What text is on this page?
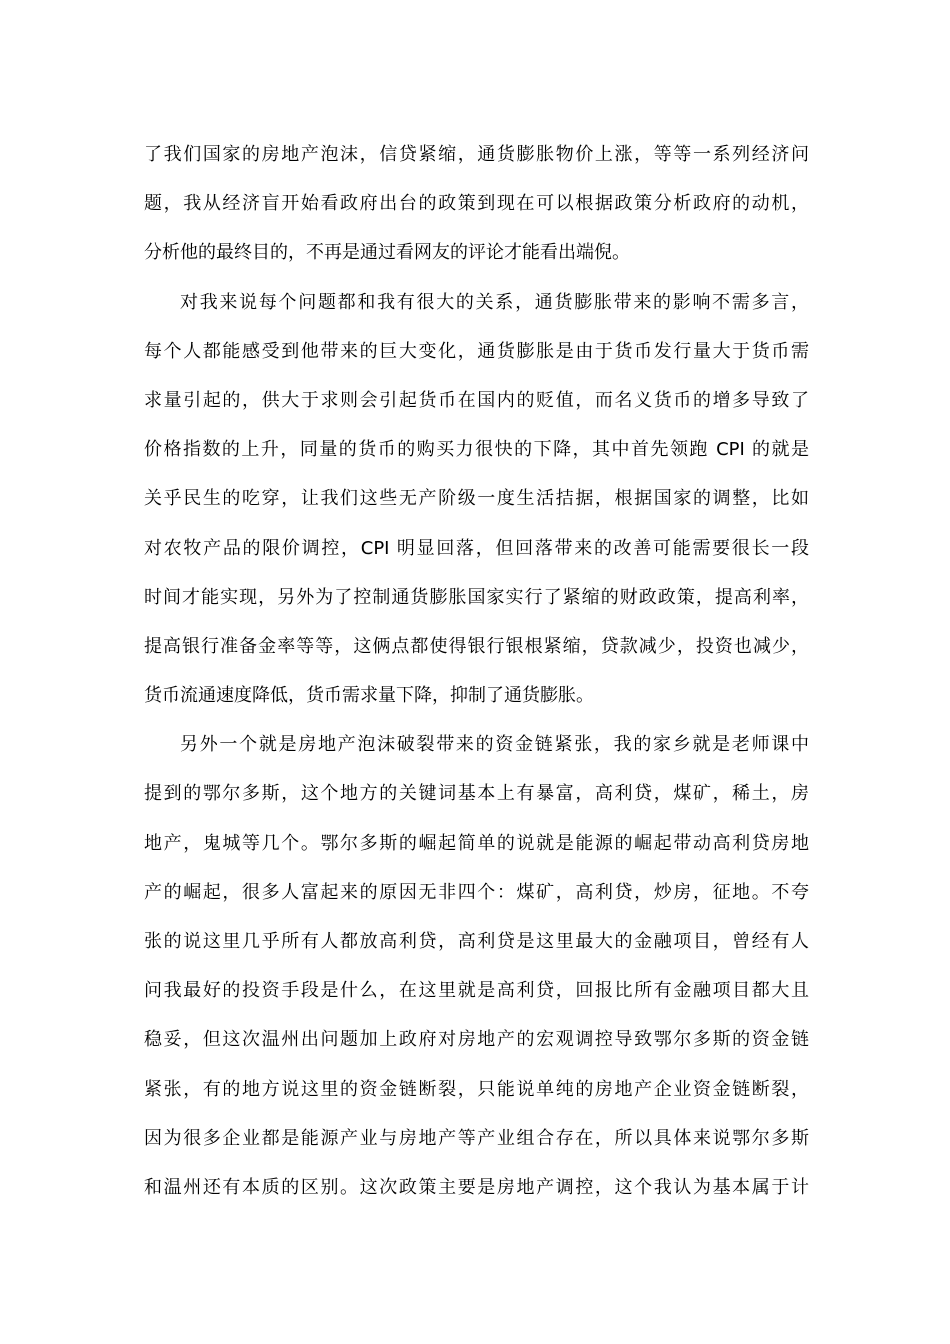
了我们国家的房地产泡沫，信贷紧缩，通货膨胀物价上涨，等等一系列经济问
题，我从经济盲开始看政府出台的政策到现在可以根据政策分析政府的动机，
分析他的最终目的，不再是通过看网友的评论才能看出端倪。
对我来说每个问题都和我有很大的关系，通货膨胀带来的影响不需多言，
每个人都能感受到他带来的巨大变化，通货膨胀是由于货币发行量大于货币需
求量引起的，供大于求则会引起货币在国内的贬值，而名义货币的增多导致了
价格指数的上升，同量的货币的购买力很快的下降，其中首先领跑 CPI 的就是
关乎民生的吃穿，让我们这些无产阶级一度生活拮据，根据国家的调整，比如
对农牧产品的限价调控，CPI 明显回落，但回落带来的改善可能需要很长一段
时间才能实现，另外为了控制通货膨胀国家实行了紧缩的财政政策，提高利率，
提高银行准备金率等等，这俩点都使得银行银根紧缩，贷款减少，投资也减少，
货币流通速度降低，货币需求量下降，抑制了通货膨胀。
另外一个就是房地产泡沫破裂带来的资金链紧张，我的家乡就是老师课中
提到的鄂尔多斯，这个地方的关键词基本上有暴富，高利贷，煤矿，稀土，房
地产，鬼城等几个。鄂尔多斯的崛起简单的说就是能源的崛起带动高利贷房地
产的崛起，很多人富起来的原因无非四个：煤矿，高利贷，炒房，征地。不夸
张的说这里几乎所有人都放高利贷，高利贷是这里最大的金融项目，曾经有人
问我最好的投资手段是什么，在这里就是高利贷，回报比所有金融项目都大且
稳妥，但这次温州出问题加上政府对房地产的宏观调控导致鄂尔多斯的资金链
紧张，有的地方说这里的资金链断裂，只能说单纯的房地产企业资金链断裂，
因为很多企业都是能源产业与房地产等产业组合存在，所以具体来说鄂尔多斯
和温州还有本质的区别。这次政策主要是房地产调控，这个我认为基本属于计
